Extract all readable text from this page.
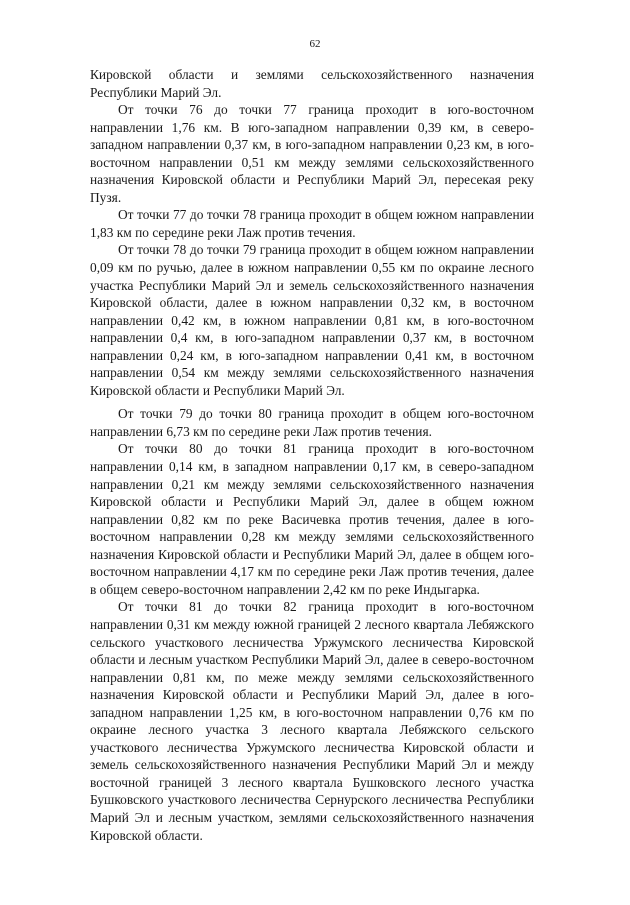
62

Кировской области и землями сельскохозяйственного назначения Республики Марий Эл.

От точки 76 до точки 77 граница проходит в юго-восточном направлении 1,76 км. В юго-западном направлении 0,39 км, в северо-западном направлении 0,37 км, в юго-западном направлении 0,23 км, в юго-восточном направлении 0,51 км между землями сельскохозяйственного назначения Кировской области и Республики Марий Эл, пересекая реку Пузя.

От точки 77 до точки 78 граница проходит в общем южном направлении 1,83 км по середине реки Лаж против течения.

От точки 78 до точки 79 граница проходит в общем южном направлении 0,09 км по ручью, далее в южном направлении 0,55 км по окраине лесного участка Республики Марий Эл и земель сельскохозяйственного назначения Кировской области, далее в южном направлении 0,32 км, в восточном направлении 0,42 км, в южном направлении 0,81 км, в юго-восточном направлении 0,4 км, в юго-западном направлении 0,37 км, в восточном направлении 0,24 км, в юго-западном направлении 0,41 км, в восточном направлении 0,54 км между землями сельскохозяйственного назначения Кировской области и Республики Марий Эл.

От точки 79 до точки 80 граница проходит в общем юго-восточном направлении 6,73 км по середине реки Лаж против течения.

От точки 80 до точки 81 граница проходит в юго-восточном направлении 0,14 км, в западном направлении 0,17 км, в северо-западном направлении 0,21 км между землями сельскохозяйственного назначения Кировской области и Республики Марий Эл, далее в общем южном направлении 0,82 км по реке Васичевка против течения, далее в юго-восточном направлении 0,28 км между землями сельскохозяйственного назначения Кировской области и Республики Марий Эл, далее в общем юго-восточном направлении 4,17 км по середине реки Лаж против течения, далее в общем северо-восточном направлении 2,42 км по реке Индыгарка.

От точки 81 до точки 82 граница проходит в юго-восточном направлении 0,31 км между южной границей 2 лесного квартала Лебяжского сельского участкового лесничества Уржумского лесничества Кировской области и лесным участком Республики Марий Эл, далее в северо-восточном направлении 0,81 км, по меже между землями сельскохозяйственного назначения Кировской области и Республики Марий Эл, далее в юго-западном направлении 1,25 км, в юго-восточном направлении 0,76 км по окраине лесного участка 3 лесного квартала Лебяжского сельского участкового лесничества Уржумского лесничества Кировской области и земель сельскохозяйственного назначения Республики Марий Эл и между восточной границей 3 лесного квартала Бушковского лесного участка Бушковского участкового лесничества Сернурского лесничества Республики Марий Эл и лесным участком, землями сельскохозяйственного назначения Кировской области.
